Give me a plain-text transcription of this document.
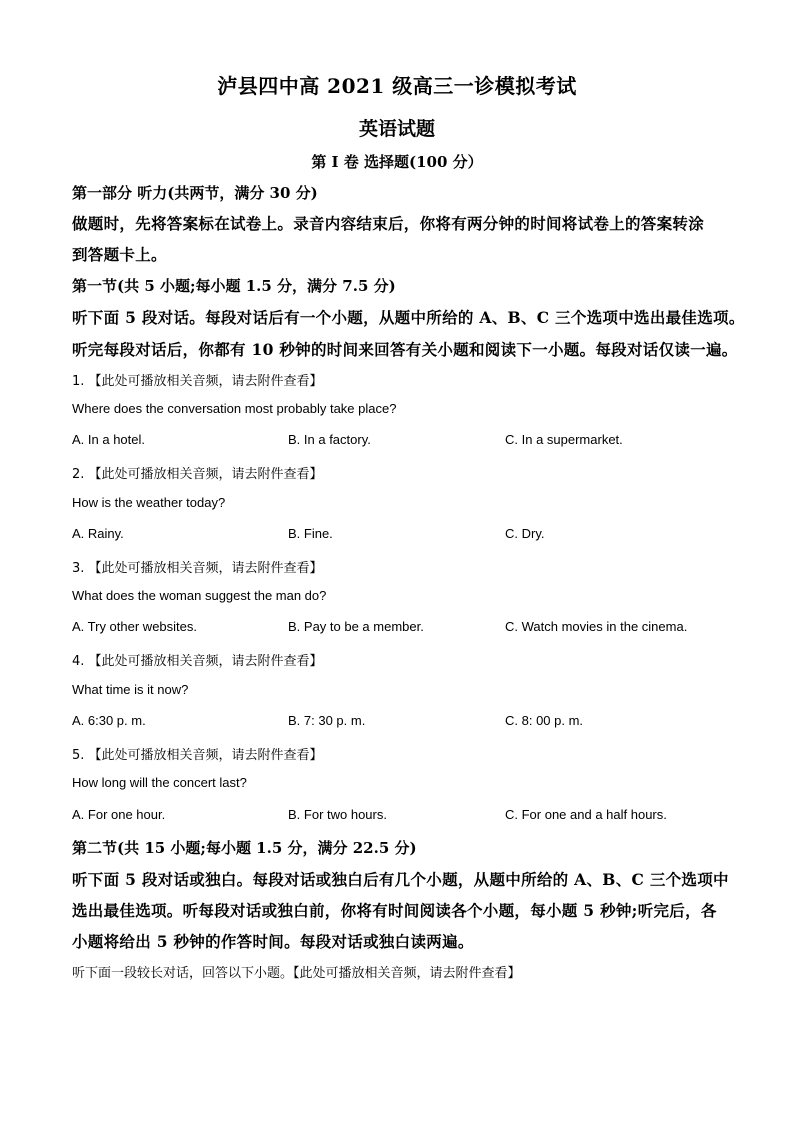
泸县四中高 2021 级高三一诊模拟考试
英语试题
第 I 卷 选择题(100 分）
第一部分 听力(共两节，满分 30 分)
做题时，先将答案标在试卷上。录音内容结束后，你将有两分钟的时间将试卷上的答案转涂
到答题卡上。
第一节(共 5 小题;每小题 1.5 分，满分 7.5 分)
听下面 5 段对话。每段对话后有一个小题，从题中所给的 A、B、C 三个选项中选出最佳选项。
听完每段对话后，你都有 10 秒钟的时间来回答有关小题和阅读下一小题。每段对话仅读一遍。
1. 【此处可播放相关音频，请去附件查看】
Where does the conversation most probably take place?
A. In a hotel.	B. In a factory.	C. In a supermarket.
2. 【此处可播放相关音频，请去附件查看】
How is the weather today?
A. Rainy.	B. Fine.	C. Dry.
3. 【此处可播放相关音频，请去附件查看】
What does the woman suggest the man do?
A. Try other websites.	B. Pay to be a member.	C. Watch movies in the cinema.
4. 【此处可播放相关音频，请去附件查看】
What time is it now?
A. 6:30 p. m.	B. 7: 30 p. m.	C. 8: 00 p. m.
5. 【此处可播放相关音频，请去附件查看】
How long will the concert last?
A. For one hour.	B. For two hours.	C. For one and a half hours.
第二节(共 15 小题;每小题 1.5 分，满分 22.5 分)
听下面 5 段对话或独白。每段对话或独白后有几个小题，从题中所给的 A、B、C 三个选项中
选出最佳选项。听每段对话或独白前，你将有时间阅读各个小题，每小题 5 秒钟;听完后，各
小题将给出 5 秒钟的作答时间。每段对话或独白读两遍。
听下面一段较长对话，回答以下小题。【此处可播放相关音频，请去附件查看】
